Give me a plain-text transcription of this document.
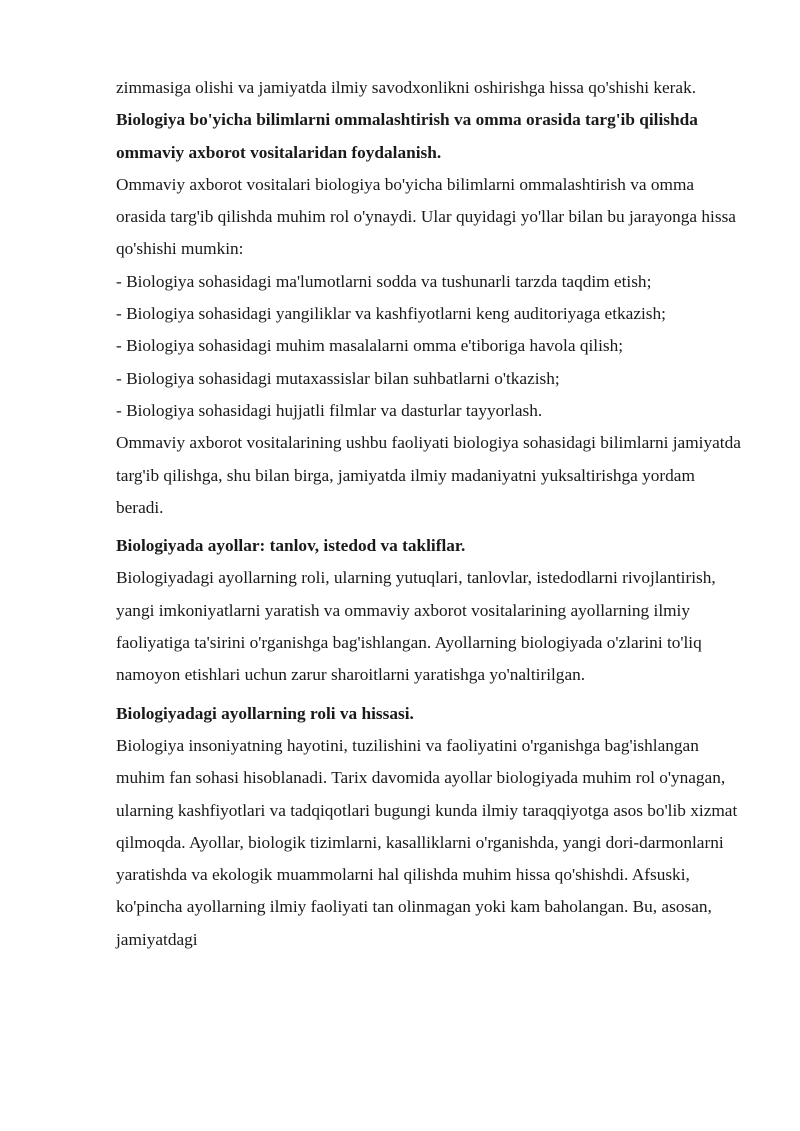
zimmasiga olishi va jamiyatda ilmiy savodxonlikni oshirishga hissa qo'shishi kerak.

Biologiya bo'yicha bilimlarni ommalashtirish va omma orasida targ'ib qilishda ommaviy axborot vositalaridan foydalanish.

Ommaviy axborot vositalari biologiya bo'yicha bilimlarni ommalashtirish va omma orasida targ'ib qilishda muhim rol o'ynaydi. Ular quyidagi yo'llar bilan bu jarayonga hissa qo'shishi mumkin:

- Biologiya sohasidagi ma'lumotlarni sodda va tushunarli tarzda taqdim etish;
- Biologiya sohasidagi yangiliklar va kashfiyotlarni keng auditoriyaga etkazish;
- Biologiya sohasidagi muhim masalalarni omma e'tiboriga havola qilish;
- Biologiya sohasidagi mutaxassislar bilan suhbatlarni o'tkazish;
- Biologiya sohasidagi hujjatli filmlar va dasturlar tayyorlash.

Ommaviy axborot vositalarining ushbu faoliyati biologiya sohasidagi bilimlarni jamiyatda targ'ib qilishga, shu bilan birga, jamiyatda ilmiy madaniyatni yuksaltirishga yordam beradi.

Biologiyada ayollar: tanlov, istedod va takliflar.

Biologiyadagi ayollarning roli, ularning yutuqlari, tanlovlar, istedodlarni rivojlantirish, yangi imkoniyatlarni yaratish va ommaviy axborot vositalarining ayollarning ilmiy faoliyatiga ta'sirini o'rganishga bag'ishlangan. Ayollarning biologiyada o'zlarini to'liq namoyon etishlari uchun zarur sharoitlarni yaratishga yo'naltirilgan.

Biologiyadagi ayollarning roli va hissasi.

Biologiya insoniyatning hayotini, tuzilishini va faoliyatini o'rganishga bag'ishlangan muhim fan sohasi hisoblanadi. Tarix davomida ayollar biologiyada muhim rol o'ynagan, ularning kashfiyotlari va tadqiqotlari bugungi kunda ilmiy taraqqiyotga asos bo'lib xizmat qilmoqda. Ayollar, biologik tizimlarni, kasalliklarni o'rganishda, yangi dori-darmonlarni yaratishda va ekologik muammolarni hal qilishda muhim hissa qo'shishdi. Afsuski, ko'pincha ayollarning ilmiy faoliyati tan olinmagan yoki kam baholangan. Bu, asosan, jamiyatdagi
